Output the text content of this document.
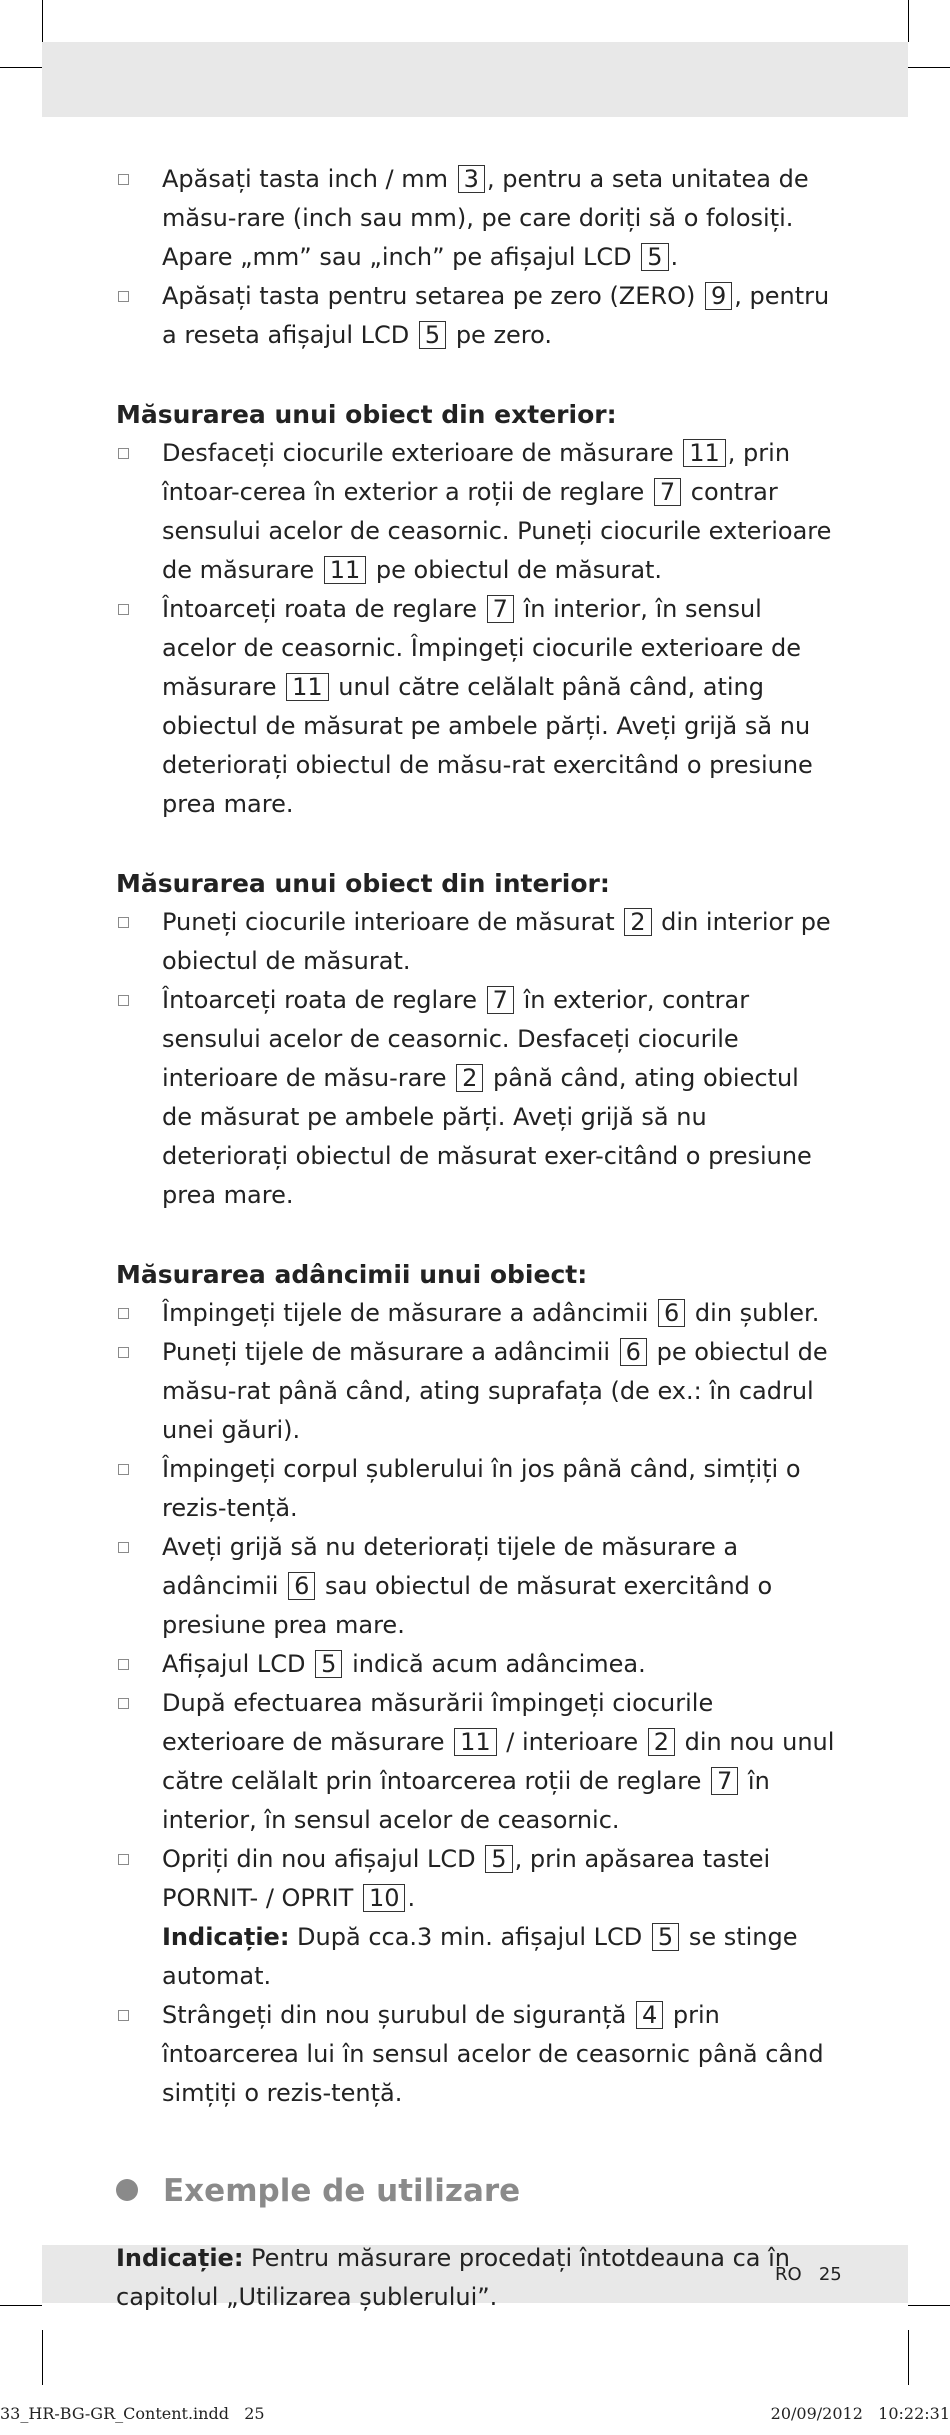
Apăsați tasta inch / mm 3 , pentru a seta unitatea de măsu-rare (inch sau mm), pe care doriți să o folosiți. Apare „mm” sau „inch” pe afișajul LCD 5 .

Apăsați tasta pentru setarea pe zero (ZERO) 9 , pentru a reseta afișajul LCD 5 pe zero.

Măsurarea unui obiect din exterior:

Desfaceți ciocurile exterioare de măsurare 11 , prin întoar-cerea în exterior a roții de reglare 7 contrar sensului acelor de ceasornic. Puneți ciocurile exterioare de măsurare 11 pe obiectul de măsurat.

Întoarceți roata de reglare 7 în interior, în sensul acelor de ceasornic. Împingeți ciocurile exterioare de măsurare 11 unul către celălalt până când, ating obiectul de măsurat pe ambele părți. Aveți grijă să nu deteriorați obiectul de măsu-rat exercitând o presiune prea mare.

Măsurarea unui obiect din interior:

Puneți ciocurile interioare de măsurat 2 din interior pe obiectul de măsurat.

Întoarceți roata de reglare 7 în exterior, contrar sensului acelor de ceasornic. Desfaceți ciocurile interioare de măsu-rare 2 până când, ating obiectul de măsurat pe ambele părți. Aveți grijă să nu deteriorați obiectul de măsurat exer-citând o presiune prea mare.

Măsurarea adâncimii unui obiect:

Împingeți tijele de măsurare a adâncimii 6 din șubler.

Puneți tijele de măsurare a adâncimii 6 pe obiectul de măsu-rat până când, ating suprafața (de ex.: în cadrul unei găuri).

Împingeți corpul șublerului în jos până când, simțiți o rezis-tență.

Aveți grijă să nu deteriorați tijele de măsurare a adâncimii 6 sau obiectul de măsurat exercitând o presiune prea mare.

Afișajul LCD 5 indică acum adâncimea.

După efectuarea măsurării împingeți ciocurile exterioare de măsurare 11 / interioare 2 din nou unul către celălalt prin întoarcerea roții de reglare 7 în interior, în sensul acelor de ceasornic.

Opriți din nou afișajul LCD 5 , prin apăsarea tastei PORNIT- / OPRIT 10 .
Indicație: După cca.3 min. afișajul LCD 5 se stinge automat.

Strângeți din nou șurubul de siguranță 4 prin întoarcerea lui în sensul acelor de ceasornic până când simțiți o rezis-tență.

Exemple de utilizare

Indicație: Pentru măsurare procedați întotdeauna ca în capitolul „Utilizarea șublerului”.

RO   25
33_HR-BG-GR_Content.indd   25	20/09/2012   10:22:31
